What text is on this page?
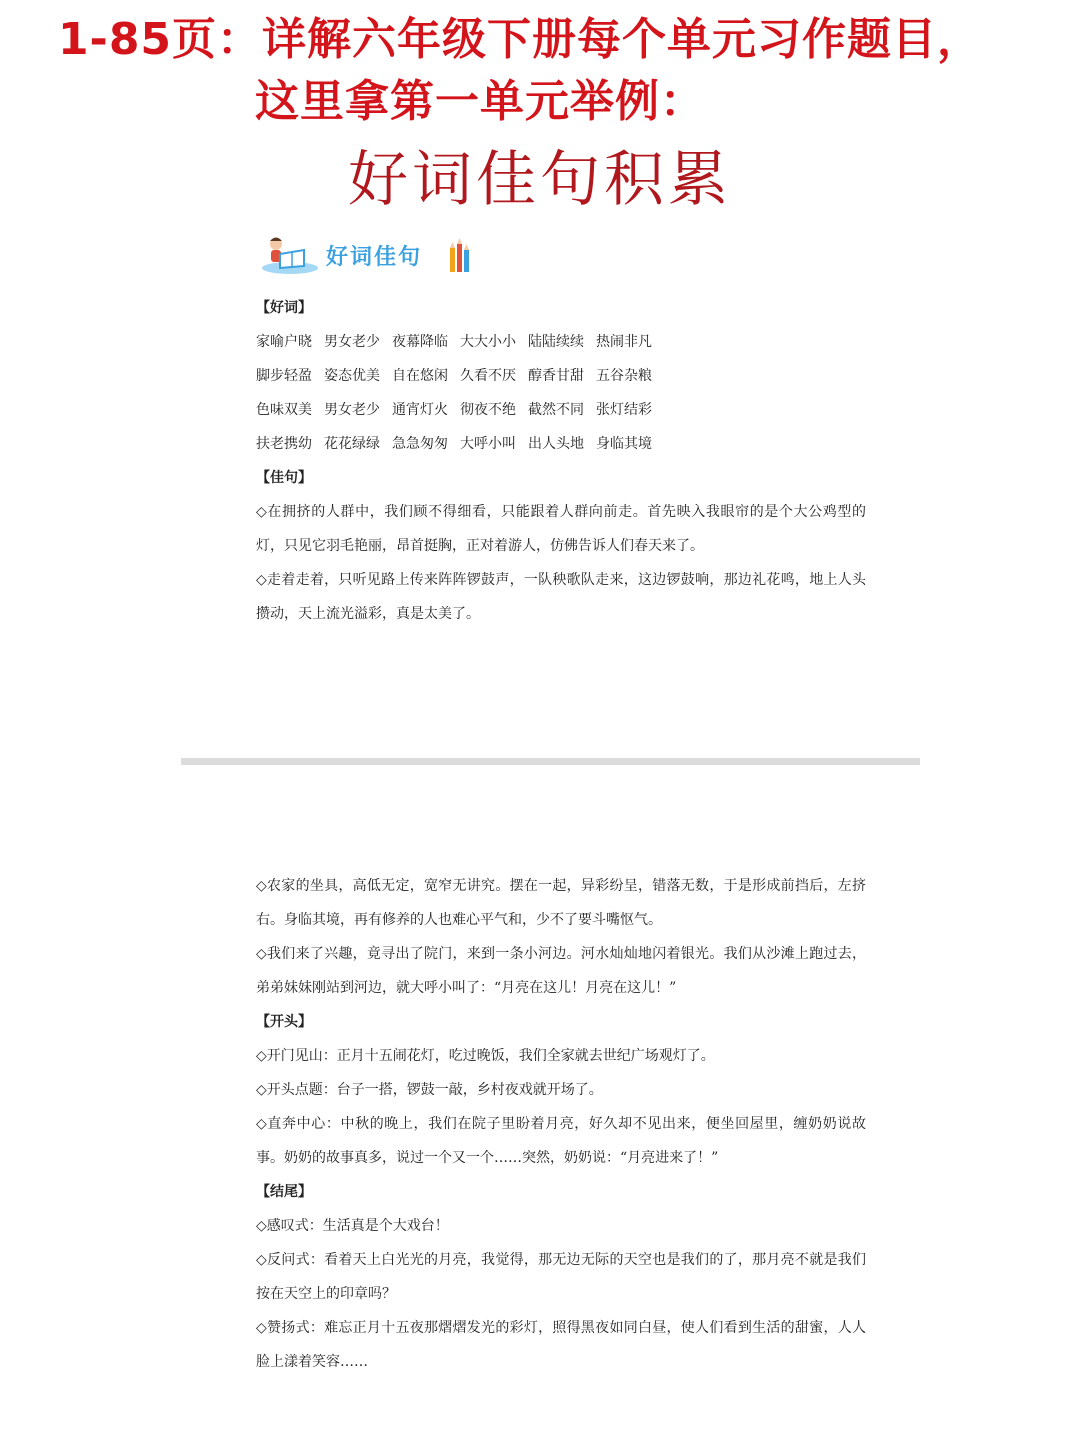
1-85页：详解六年级下册每个单元习作题目，
这里拿第一单元举例：
好词佳句积累
好词佳句
【好词】
家喻户晓 男女老少 夜幕降临 大大小小 陆陆续续 热闹非凡
脚步轻盈 姿态优美 自在悠闲 久看不厌 醇香甘甜 五谷杂粮
色味双美 男女老少 通宵灯火 彻夜不绝 截然不同 张灯结彩
扶老携幼 花花绿绿 急急匆匆 大呼小叫 出人头地 身临其境
【佳句】
◇在拥挤的人群中，我们顾不得细看，只能跟着人群向前走。首先映入我眼帘的是个大公鸡型的灯，只见它羽毛艳丽，昂首挺胸，正对着游人，仿佛告诉人们春天来了。
◇走着走着，只听见路上传来阵阵锣鼓声，一队秧歌队走来，这边锣鼓响，那边礼花鸣，地上人头攒动，天上流光溢彩，真是太美了。
◇农家的坐具，高低无定，宽窄无讲究。摆在一起，异彩纷呈，错落无数，于是形成前挡后，左挤右。身临其境，再有修养的人也难心平气和，少不了要斗嘴怄气。
◇我们来了兴趣，竟寻出了院门，来到一条小河边。河水灿灿地闪着银光。我们从沙滩上跑过去，弟弟妹妹刚站到河边，就大呼小叫了：“月亮在这儿！月亮在这儿！”
【开头】
◇开门见山：正月十五闹花灯，吃过晚饭，我们全家就去世纪广场观灯了。
◇开头点题：台子一搭，锣鼓一敲，乡村夜戏就开场了。
◇直奔中心：中秋的晚上，我们在院子里盼着月亮，好久却不见出来，便坐回屋里，缠奶奶说故事。奶奶的故事真多，说过一个又一个……突然，奶奶说：“月亮进来了！”
【结尾】
◇感叹式：生活真是个大戏台！
◇反问式：看着天上白光光的月亮，我觉得，那无边无际的天空也是我们的了，那月亮不就是我们按在天空上的印章吗？
◇赞扬式：难忘正月十五夜那熠熠发光的彩灯，照得黑夜如同白昼，使人们看到生活的甜蜜，人人脸上漾着笑容……
